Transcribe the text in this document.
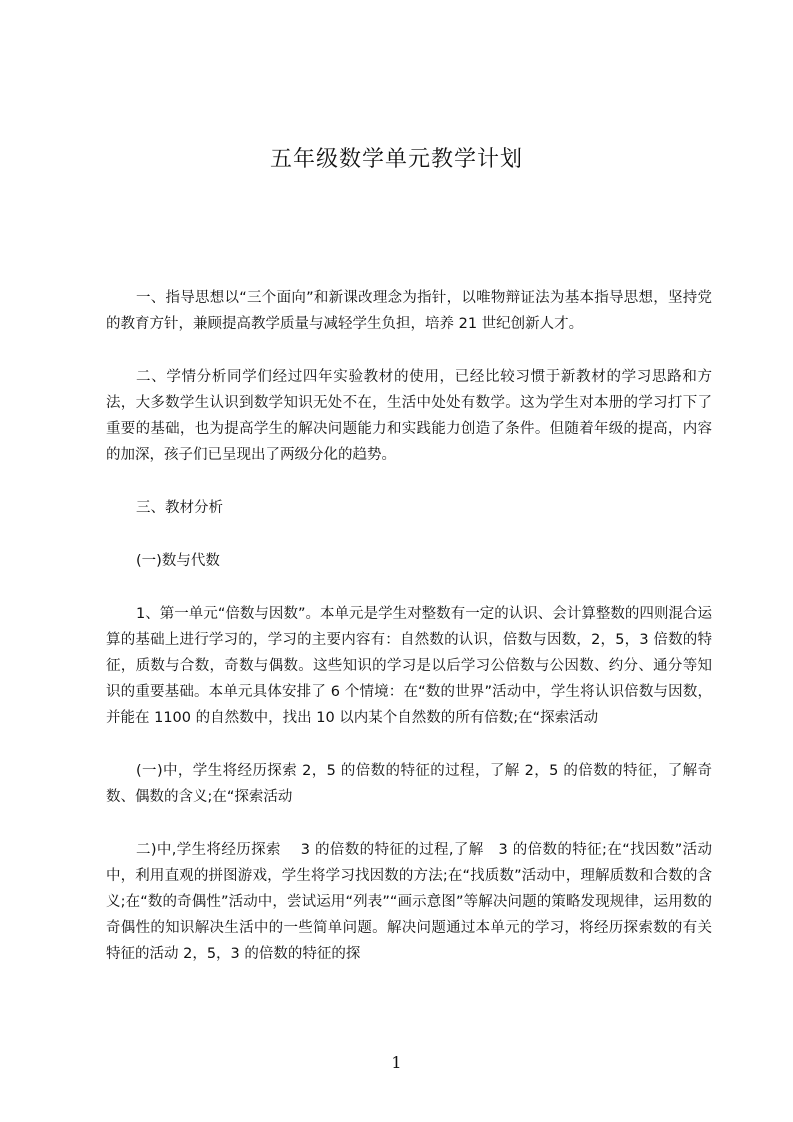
五年级数学单元教学计划

一、指导思想以“三个面向”和新课改理念为指针，以唯物辩证法为基本指导思想，坚持党的教育方针，兼顾提高教学质量与减轻学生负担，培养 21 世纪创新人才。

二、学情分析同学们经过四年实验教材的使用，已经比较习惯于新教材的学习思路和方法，大多数学生认识到数学知识无处不在，生活中处处有数学。这为学生对本册的学习打下了重要的基础，也为提高学生的解决问题能力和实践能力创造了条件。但随着年级的提高，内容的加深，孩子们已呈现出了两级分化的趋势。

三、教材分析

(一)数与代数

1、第一单元“倍数与因数”。本单元是学生对整数有一定的认识、会计算整数的四则混合运算的基础上进行学习的，学习的主要内容有：自然数的认识，倍数与因数，2，5，3 倍数的特征，质数与合数，奇数与偶数。这些知识的学习是以后学习公倍数与公因数、约分、通分等知识的重要基础。本单元具体安排了 6 个情境：在“数的世界”活动中，学生将认识倍数与因数，并能在 1100 的自然数中，找出 10 以内某个自然数的所有倍数;在“探索活动

(一)中，学生将经历探索 2，5 的倍数的特征的过程，了解 2，5 的倍数的特征，了解奇数、偶数的含义;在“探索活动

二)中,学生将经历探索　 3 的倍数的特征的过程,了解　3 的倍数的特征;在“找因数”活动中，利用直观的拼图游戏，学生将学习找因数的方法;在“找质数”活动中，理解质数和合数的含义;在“数的奇偶性”活动中，尝试运用“列表”“画示意图”等解决问题的策略发现规律，运用数的奇偶性的知识解决生活中的一些简单问题。解决问题通过本单元的学习，将经历探索数的有关特征的活动 2，5，3 的倍数的特征的探

1
